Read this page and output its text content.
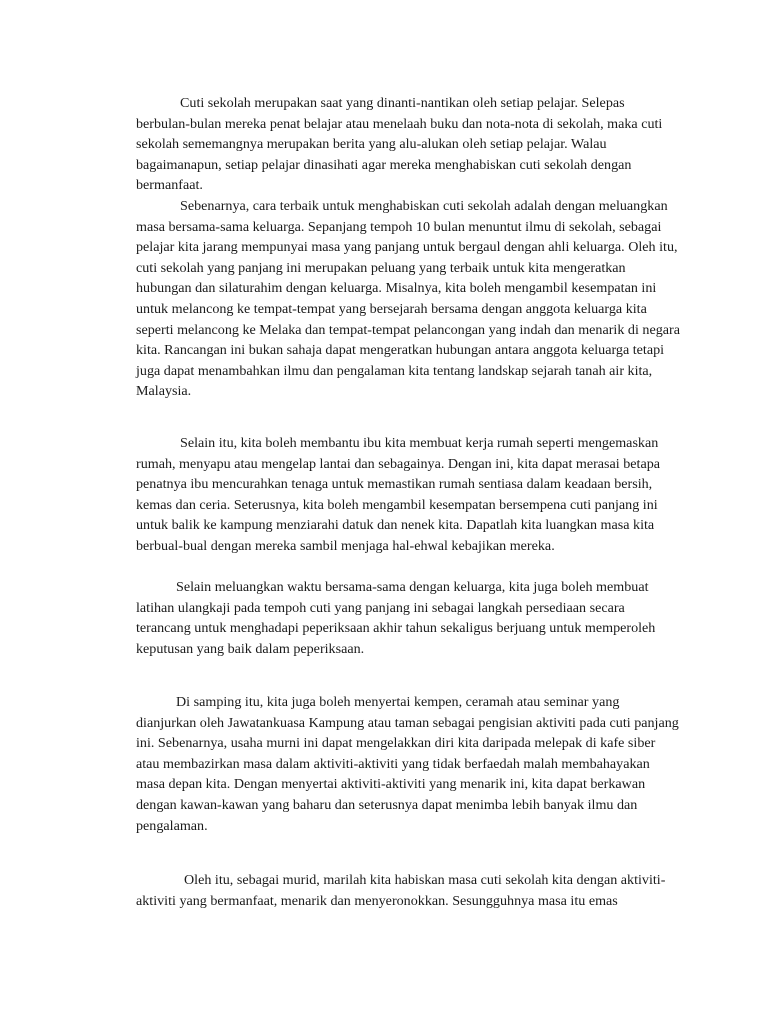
Cuti sekolah merupakan saat yang dinanti-nantikan oleh setiap pelajar. Selepas berbulan-bulan mereka penat belajar atau menelaah buku dan nota-nota di sekolah, maka cuti sekolah sememangnya merupakan berita yang alu-alukan oleh setiap pelajar. Walau bagaimanapun, setiap pelajar dinasihati agar mereka menghabiskan cuti sekolah dengan bermanfaat.

Sebenarnya, cara terbaik untuk menghabiskan cuti sekolah adalah dengan meluangkan masa bersama-sama keluarga. Sepanjang tempoh 10 bulan menuntut ilmu di sekolah, sebagai pelajar kita jarang mempunyai masa yang panjang untuk bergaul dengan ahli keluarga. Oleh itu, cuti sekolah yang panjang ini merupakan peluang yang terbaik untuk kita mengeratkan hubungan dan silaturahim dengan keluarga. Misalnya, kita boleh mengambil kesempatan ini untuk melancong ke tempat-tempat yang bersejarah bersama dengan anggota keluarga kita seperti melancong ke Melaka dan tempat-tempat pelancongan yang indah dan menarik di negara kita. Rancangan ini bukan sahaja dapat mengeratkan hubungan antara anggota keluarga tetapi juga dapat menambahkan ilmu dan pengalaman kita tentang landskap sejarah tanah air kita, Malaysia.

Selain itu, kita boleh membantu ibu kita membuat kerja rumah seperti mengemaskan rumah, menyapu atau mengelap lantai dan sebagainya. Dengan ini, kita dapat merasai betapa penatnya ibu mencurahkan tenaga untuk memastikan rumah sentiasa dalam keadaan bersih, kemas dan ceria. Seterusnya, kita boleh mengambil kesempatan bersempena cuti panjang ini untuk balik ke kampung menziarahi datuk dan nenek kita. Dapatlah kita luangkan masa kita berbual-bual dengan mereka sambil menjaga hal-ehwal kebajikan mereka.

Selain meluangkan waktu bersama-sama dengan keluarga, kita juga boleh membuat latihan ulangkaji pada tempoh cuti yang panjang ini sebagai langkah persediaan secara terancang untuk menghadapi peperiksaan akhir tahun sekaligus berjuang untuk memperoleh keputusan yang baik dalam peperiksaan.

Di samping itu, kita juga boleh menyertai kempen, ceramah atau seminar yang dianjurkan oleh Jawatankuasa Kampung atau taman sebagai pengisian aktiviti pada cuti panjang ini. Sebenarnya, usaha murni ini dapat mengelakkan diri kita daripada melepak di kafe siber atau membazirkan masa dalam aktiviti-aktiviti yang tidak berfaedah malah membahayakan masa depan kita. Dengan menyertai aktiviti-aktiviti yang menarik ini, kita dapat berkawan dengan kawan-kawan yang baharu dan seterusnya dapat menimba lebih banyak ilmu dan pengalaman.

Oleh itu, sebagai murid, marilah kita habiskan masa cuti sekolah kita dengan aktiviti-aktiviti yang bermanfaat, menarik dan menyeronokkan. Sesungguhnya masa itu emas
